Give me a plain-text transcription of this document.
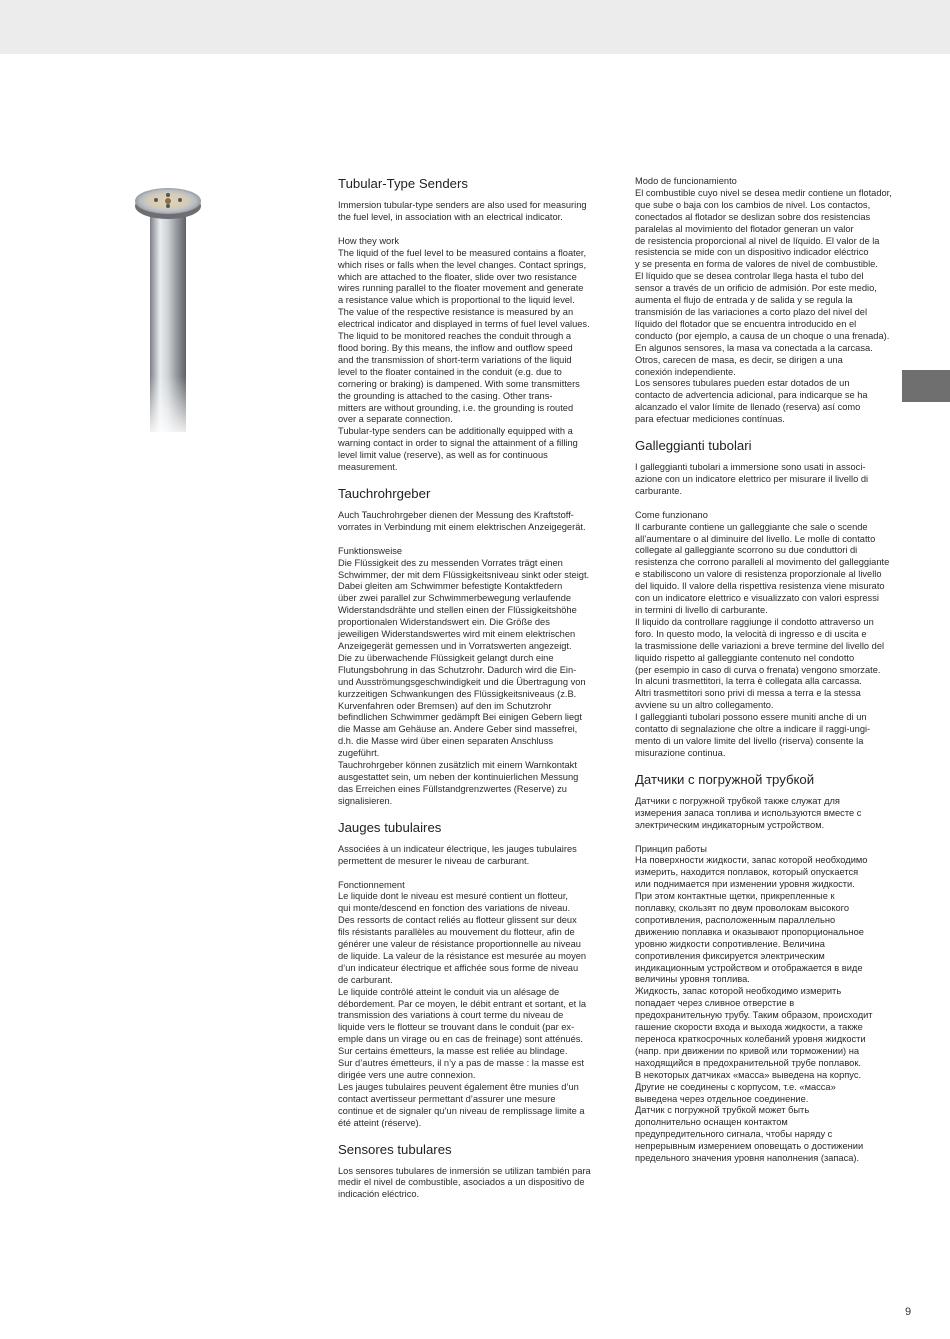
Tubular-Type Senders

Immersion tubular-type senders are also used for measuring
the fuel level, in association with an electrical indicator.

How they work

The liquid of the fuel level to be measured contains a floater,
which rises or falls when the level changes. Contact springs,
which are attached to the floater, slide over two resistance
wires running parallel to the floater movement and generate
a resistance value which is proportional to the liquid level.
The value of the respective resistance is measured by an
electrical indicator and displayed in terms of fuel level values.
The liquid to be monitored reaches the conduit through a
flood boring. By this means, the inflow and outflow speed
and the transmission of short-term variations of the liquid
level to the floater contained in the conduit (e.g. due to
cornering or braking) is dampened. With some transmitters
the grounding is attached to the casing. Other trans-
mitters are without grounding, i.e. the grounding is routed
over a separate connection.
Tubular-type senders can be additionally equipped with a
warning contact in order to signal the attainment of a filling
level limit value (reserve), as well as for continuous
measurement.

Tauchrohrgeber

Auch Tauchrohrgeber dienen der Messung des Kraftstoff-
vorrates in Verbindung mit einem elektrischen Anzeigegerät.

Funktionsweise

Die Flüssigkeit des zu messenden Vorrates trägt einen
Schwimmer, der mit dem Flüssigkeitsniveau sinkt oder steigt.
Dabei gleiten am Schwimmer befestigte Kontaktfedern
über zwei parallel zur Schwimmerbewegung verlaufende
Widerstandsdrähte und stellen einen der Flüssigkeitshöhe
proportionalen Widerstandswert ein. Die Größe des
jeweiligen Widerstandswertes wird mit einem elektrischen
Anzeigegerät gemessen und in Vorratswerten angezeigt.
Die zu überwachende Flüssigkeit gelangt durch eine
Flutungsbohrung in das Schutzrohr. Dadurch wird die Ein-
und Ausströmungsgeschwindigkeit und die Übertragung von
kurzzeitigen Schwankungen des Flüssigkeitsniveaus (z.B.
Kurvenfahren oder Bremsen) auf den im Schutzrohr
befindlichen Schwimmer gedämpft Bei einigen Gebern liegt
die Masse am Gehäuse an. Andere Geber sind massefrei,
d.h. die Masse wird über einen separaten Anschluss
zugeführt.
Tauchrohrgeber können zusätzlich mit einem Warnkontakt
ausgestattet sein, um neben der kontinuierlichen Messung
das Erreichen eines Füllstandgrenzwertes (Reserve) zu
signalisieren.

Jauges tubulaires

Associées à un indicateur électrique, les jauges tubulaires
permettent de mesurer le niveau de carburant.

Fonctionnement

Le liquide dont le niveau est mesuré contient un flotteur,
qui monte/descend en fonction des variations de niveau.
Des ressorts de contact reliés au flotteur glissent sur deux
fils résistants parallèles au mouvement du flotteur, afin de
générer une valeur de résistance proportionnelle au niveau
de liquide. La valeur de la résistance est mesurée au moyen
d’un indicateur électrique et affichée sous forme de niveau
de carburant.
Le liquide contrôlé atteint le conduit via un alésage de
débordement. Par ce moyen, le débit entrant et sortant, et la
transmission des variations à court terme du niveau de
liquide vers le flotteur se trouvant dans le conduit (par ex-
emple dans un virage ou en cas de freinage) sont atténués.
Sur certains émetteurs, la masse est reliée au blindage.
Sur d’autres émetteurs, il n’y a pas de masse : la masse est
dirigée vers une autre connexion.
Les jauges tubulaires peuvent également être munies d’un
contact avertisseur permettant d’assurer une mesure
continue et de signaler qu’un niveau de remplissage limite a
été atteint (réserve).

Sensores tubulares

Los sensores tubulares de inmersión se utilizan también para
medir el nivel de combustible, asociados a un dispositivo de
indicación eléctrico.

Modo de funcionamiento

El combustible cuyo nivel se desea medir contiene un flotador,
que sube o baja con los cambios de nivel. Los contactos,
conectados al flotador se deslizan sobre dos resistencias
paralelas al movimiento del flotador generan un valor
de resistencia proporcional al nivel de líquido. El valor de la
resistencia se mide con un dispositivo indicador eléctrico
y se presenta en forma de valores de nivel de combustible.
El líquido que se desea controlar llega hasta el tubo del
sensor a través de un orificio de admisión. Por este medio,
aumenta el flujo de entrada y de salida y se regula la
transmisión de las variaciones a corto plazo del nivel del
líquido del flotador que se encuentra introducido en el
conducto (por ejemplo, a causa de un choque o una frenada).
En algunos sensores, la masa va conectada a la carcasa.
Otros, carecen de masa, es decir, se dirigen a una
conexión independiente.
Los sensores tubulares pueden estar dotados de un
contacto de advertencia adicional, para indicarque se ha
alcanzado el valor límite de llenado (reserva) así como
para efectuar mediciones contínuas.

Galleggianti tubolari

I galleggianti tubolari a immersione sono usati in associ-
azione con un indicatore elettrico per misurare il livello di
carburante.

Come funzionano

Il carburante contiene un galleggiante che sale o scende
all’aumentare o al diminuire del livello. Le molle di contatto
collegate al galleggiante scorrono su due conduttori di
resistenza che corrono paralleli al movimento del galleggiante
e stabiliscono un valore di resistenza proporzionale al livello
del liquido. Il valore della rispettiva resistenza viene misurato
con un indicatore elettrico e visualizzato con valori espressi
in termini di livello di carburante.
Il liquido da controllare raggiunge il condotto attraverso un
foro. In questo modo, la velocità di ingresso e di uscita e
la trasmissione delle variazioni a breve termine del livello del
liquido rispetto al galleggiante contenuto nel condotto
(per esempio in caso di curva o frenata) vengono smorzate.
In alcuni trasmettitori, la terra è collegata alla carcassa.
Altri trasmettitori sono privi di messa a terra e la stessa
avviene su un altro collegamento.
I galleggianti tubolari possono essere muniti anche di un
contatto di segnalazione che oltre a indicare il raggi-ungi-
mento di un valore limite del livello (riserva) consente la
misurazione continua.

Датчики с погружной трубкой

Датчики с погружной трубкой также служат для
измерения запаса топлива и используются вместе с
электрическим индикаторным устройством.

Принцип работы

На поверхности жидкости, запас которой необходимо
измерить, находится поплавок, который опускается
или поднимается при изменении уровня жидкости.
При этом контактные щетки, прикрепленные к
поплавку, скользят по двум проволокам высокого
сопротивления, расположенным параллельно
движению поплавка и оказывают пропорциональное
уровню жидкости сопротивление. Величина
сопротивления фиксируется электрическим
индикационным устройством и отображается в виде
величины уровня топлива.
Жидкость, запас которой необходимо измерить
попадает через сливное отверстие в
предохранительную трубу. Таким образом, происходит
гашение скорости входа и выхода жидкости, а также
переноса краткосрочных колебаний уровня жидкости
(напр. при движении по кривой или торможении) на
находящийся в предохранительной трубе поплавок.
В некоторых датчиках «масса» выведена на корпус.
Другие не соединены с корпусом, т.е. «масса»
выведена через отдельное соединение.
Датчик с погружной трубкой может быть
дополнительно оснащен контактом
предупредительного сигнала, чтобы наряду с
непрерывным измерением оповещать о достижении
предельного значения уровня наполнения (запаса).

9
